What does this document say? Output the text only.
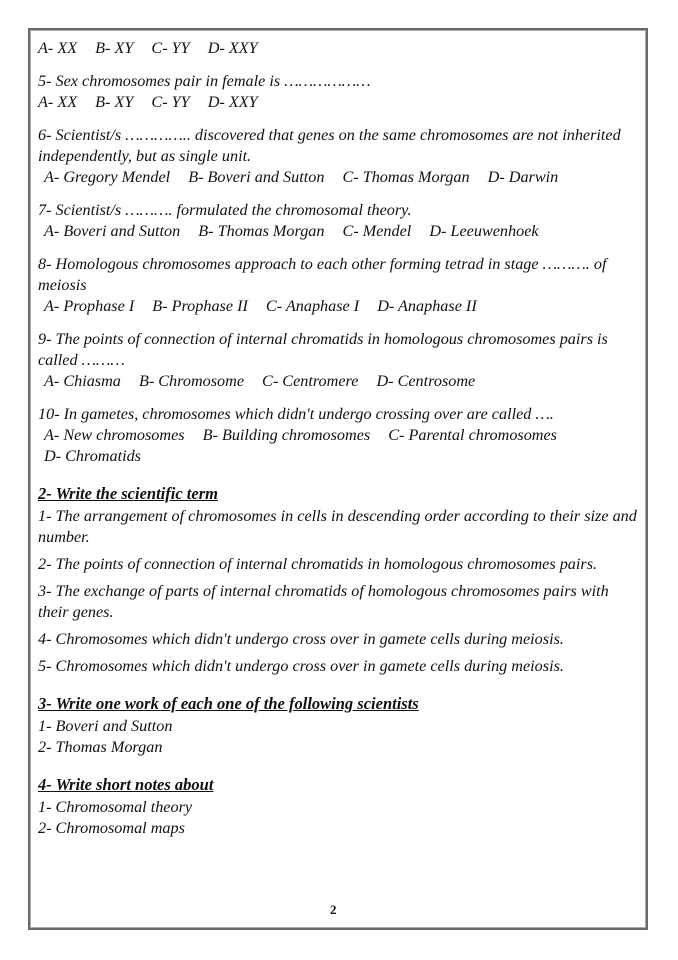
A- XX B- XY C- YY D- XXY
5- Sex chromosomes pair in female is ………………
A- XX B- XY C- YY D- XXY
6- Scientist/s ………….. discovered that genes on the same chromosomes are not inherited independently, but as single unit.
A- Gregory Mendel B- Boveri and Sutton C- Thomas Morgan D- Darwin
7- Scientist/s ………. formulated the chromosomal theory.
A- Boveri and Sutton B- Thomas Morgan C- Mendel D- Leeuwenhoek
8- Homologous chromosomes approach to each other forming tetrad in stage ………. of meiosis
A- Prophase I B- Prophase II C- Anaphase I D- Anaphase II
9- The points of connection of internal chromatids in homologous chromosomes pairs is called ………
A- Chiasma B- Chromosome C- Centromere D- Centrosome
10- In gametes, chromosomes which didn't undergo crossing over are called ….
A- New chromosomes B- Building chromosomes C- Parental chromosomes
D- Chromatids
2- Write the scientific term
1- The arrangement of chromosomes in cells in descending order according to their size and number.
2- The points of connection of internal chromatids in homologous chromosomes pairs.
3- The exchange of parts of internal chromatids of homologous chromosomes pairs with their genes.
4- Chromosomes which didn't undergo cross over in gamete cells during meiosis.
5- Chromosomes which didn't undergo cross over in gamete cells during meiosis.
3- Write one work of each one of the following scientists
1- Boveri and Sutton
2- Thomas Morgan
4- Write short notes about
1- Chromosomal theory
2- Chromosomal maps
2
